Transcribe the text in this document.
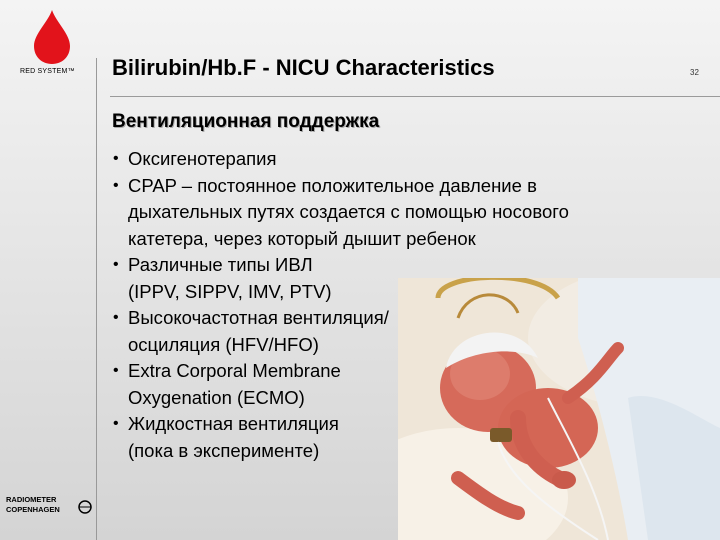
RED SYSTEM™ Bilirubin/Hb.F - NICU Characteristics	32
Вентиляционная поддержка
• Оксигенотерапия
• CPAP – постоянное положительное давление в
дыхательных путях создается с помощью носового
катетера, через который дышит ребенок
• Различные типы ИВЛ
(IPPV, SIPPV, IMV, PTV)
• Высокочастотная вентиляция/
осциляция (HFV/HFO)
• Extra Corporal Membrane
Oxygenation (ECMO)
• Жидкостная вентиляция
(пока в эксперименте)
RADIOMETER
COPENHAGEN
